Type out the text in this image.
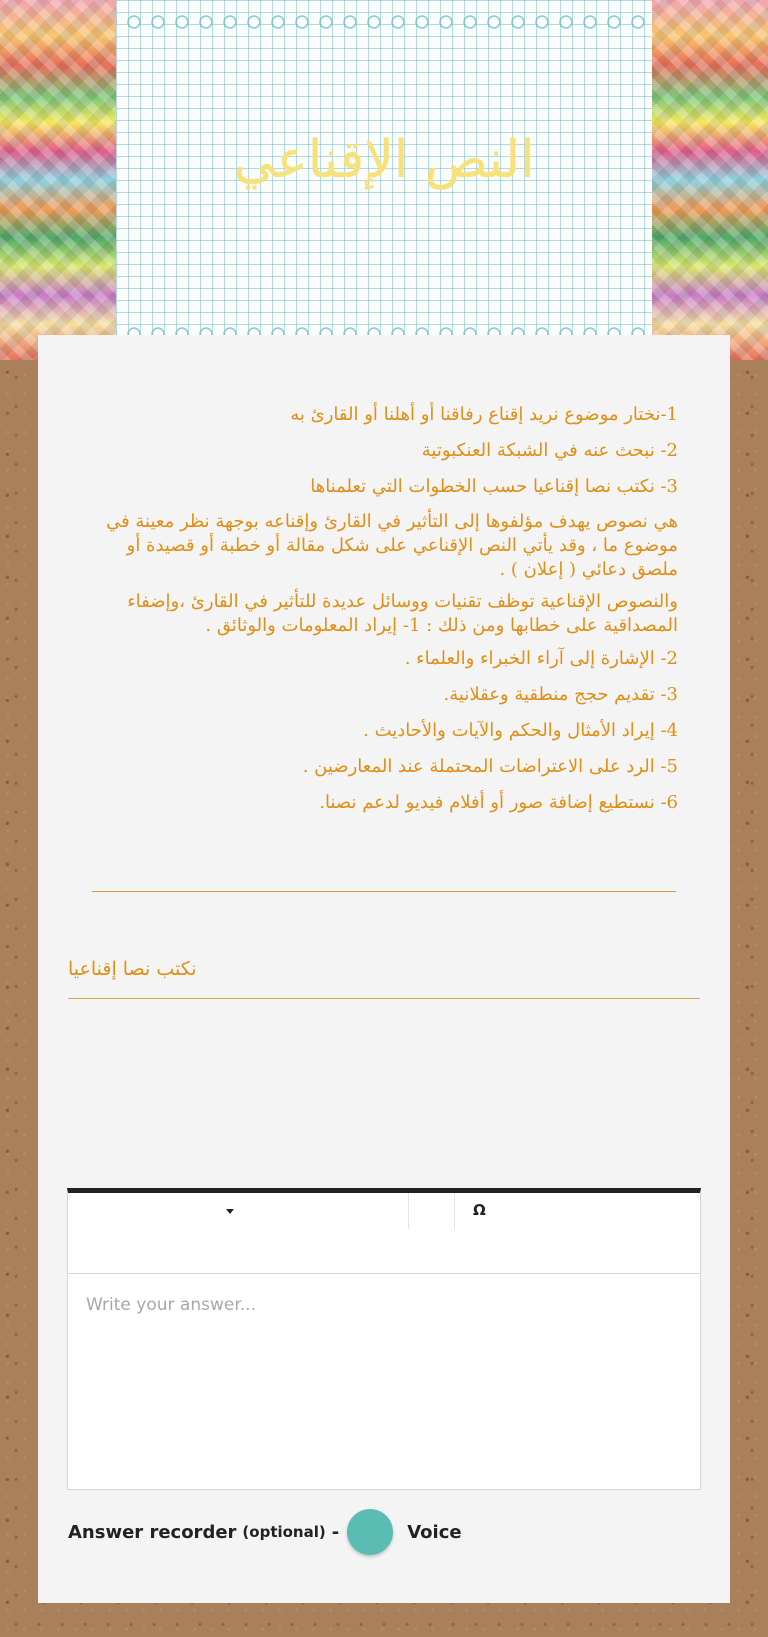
النص الإقناعي

1-نختار موضوع نريد إقناع رفاقنا أو أهلنا أو القارئ به

2- نبحث عنه في الشبكة العنكبوتية

3- نكتب نصا إقناعيا حسب الخطوات التي تعلمناها

هي نصوص يهدف مؤلفوها إلى التأثير في القارئ وإقناعه بوجهة نظر معينة في موضوع ما ، وقد يأتي النص الإقناعي على شكل مقالة أو خطبة أو قصيدة أو ملصق دعائي ( إعلان ) .

والنصوص الإقناعية توظف تقنيات ووسائل عديدة للتأثير في القارئ ،وإضفاء المصداقية على خطابها ومن ذلك : 1- إيراد المعلومات والوثائق .

2- الإشارة إلى آراء الخبراء والعلماء .

3- تقديم حجج منطقية وعقلانية.

4- إيراد الأمثال والحكم والآيات والأحاديث .

5- الرد على الاعتراضات المحتملة عند المعارضين .

6- نستطيع إضافة صور أو أفلام فيديو لدعم نصنا.

نكتب نصا إقناعيا
Ω
Write your answer...
Answer recorder (optional) -	Voice
